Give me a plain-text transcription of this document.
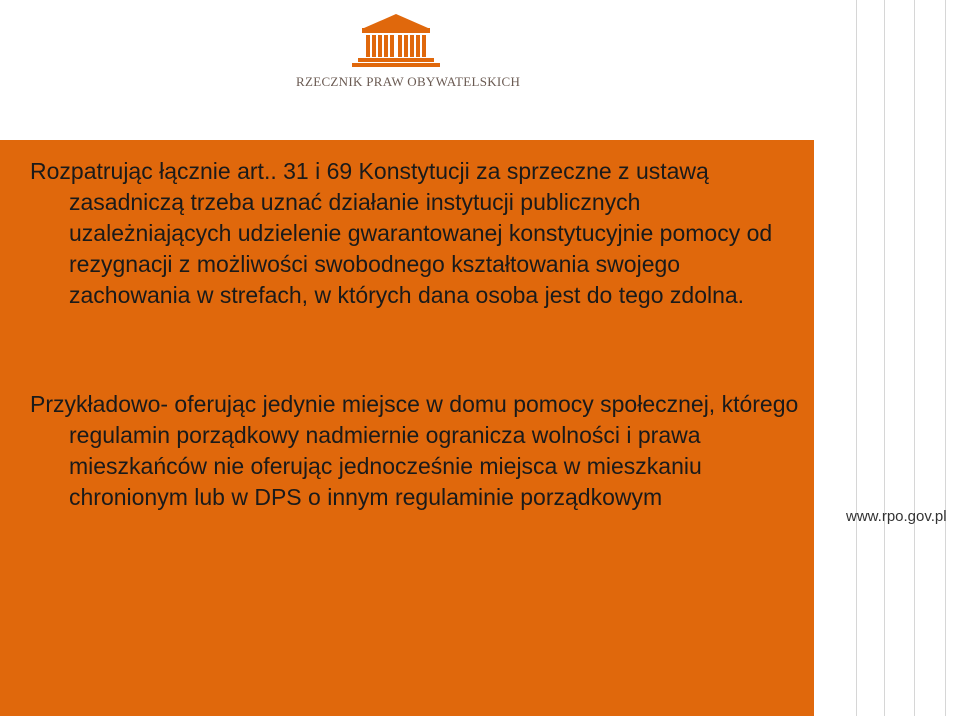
RZECZNIK PRAW OBYWATELSKICH

Rozpatrując łącznie art.. 31 i 69 Konstytucji za sprzeczne z ustawą zasadniczą trzeba uznać działanie instytucji publicznych uzależniających udzielenie gwarantowanej konstytucyjnie pomocy od rezygnacji z możliwości swobodnego kształtowania swojego zachowania w strefach, w których dana osoba jest do tego zdolna.

Przykładowo- oferując jedynie miejsce w domu pomocy społecznej, którego regulamin porządkowy nadmiernie ogranicza wolności i prawa mieszkańców nie oferując jednocześnie miejsca w mieszkaniu chronionym lub w DPS o innym regulaminie porządkowym

www.rpo.gov.pl
